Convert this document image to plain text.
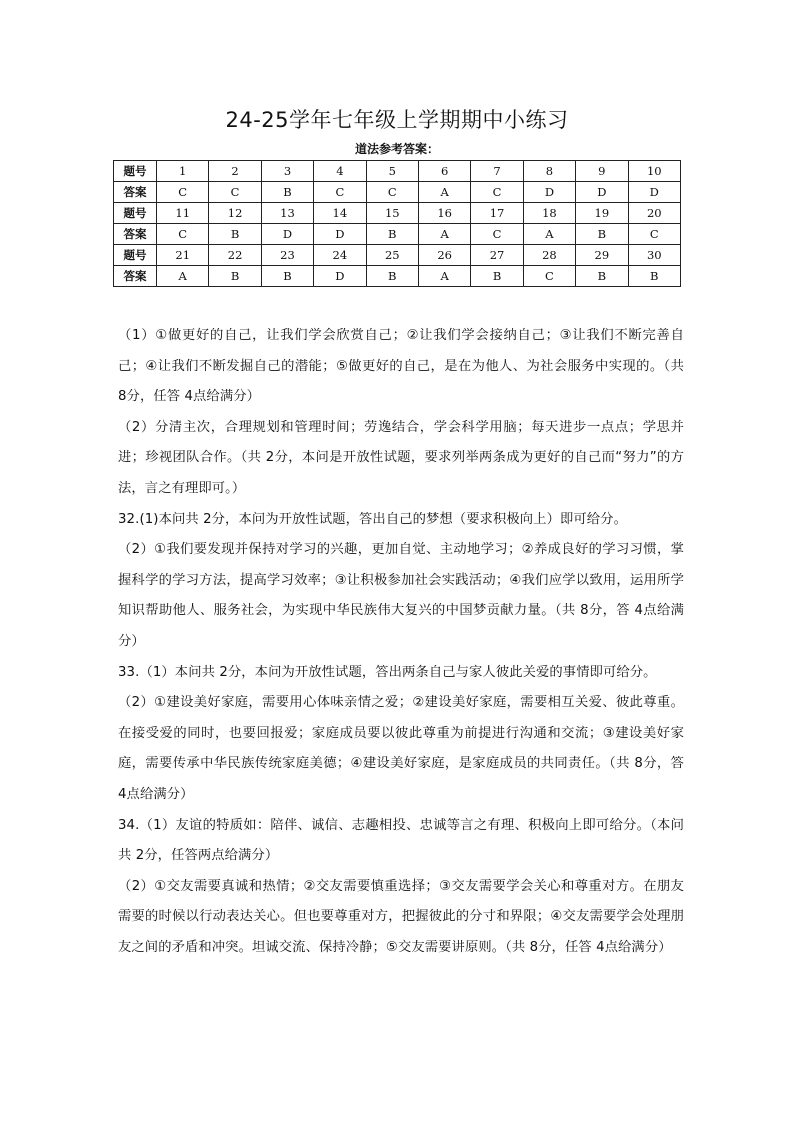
24-25学年七年级上学期期中小练习
道法参考答案：
题号	1	2	3	4	5	6	7	8	9	10
答案	C	C	B	C	C	A	C	D	D	D
题号	11	12	13	14	15	16	17	18	19	20
答案	C	B	D	D	B	A	C	A	B	C
题号	21	22	23	24	25	26	27	28	29	30
答案	A	B	B	D	B	A	B	C	B	B

（1）①做更好的自己，让我们学会欣赏自己；②让我们学会接纳自己；③让我们不断完善自己；④让我们不断发掘自己的潜能；⑤做更好的自己，是在为他人、为社会服务中实现的。（共 8分，任答 4点给满分）

（2）分清主次，合理规划和管理时间；劳逸结合，学会科学用脑；每天进步一点点；学思并进；珍视团队合作。（共 2分，本问是开放性试题，要求列举两条成为更好的自己而“努力”的方法，言之有理即可。）

32.(1)本问共 2分，本问为开放性试题，答出自己的梦想（要求积极向上）即可给分。

（2）①我们要发现并保持对学习的兴趣，更加自觉、主动地学习；②养成良好的学习习惯，掌握科学的学习方法，提高学习效率；③让积极参加社会实践活动；④我们应学以致用，运用所学知识帮助他人、服务社会，为实现中华民族伟大复兴的中国梦贡献力量。（共 8分，答 4点给满分）

33.（1）本问共 2分，本问为开放性试题，答出两条自己与家人彼此关爱的事情即可给分。

（2）①建设美好家庭，需要用心体味亲情之爱；②建设美好家庭，需要相互关爱、彼此尊重。在接受爱的同时，也要回报爱；家庭成员要以彼此尊重为前提进行沟通和交流；③建设美好家庭，需要传承中华民族传统家庭美德；④建设美好家庭，是家庭成员的共同责任。（共 8分，答 4点给满分）

34.（1）友谊的特质如：陪伴、诚信、志趣相投、忠诚等言之有理、积极向上即可给分。（本问共 2分，任答两点给满分）

（2）①交友需要真诚和热情；②交友需要慎重选择；③交友需要学会关心和尊重对方。在朋友需要的时候以行动表达关心。但也要尊重对方，把握彼此的分寸和界限；④交友需要学会处理朋友之间的矛盾和冲突。坦诚交流、保持冷静；⑤交友需要讲原则。（共 8分，任答 4点给满分）
